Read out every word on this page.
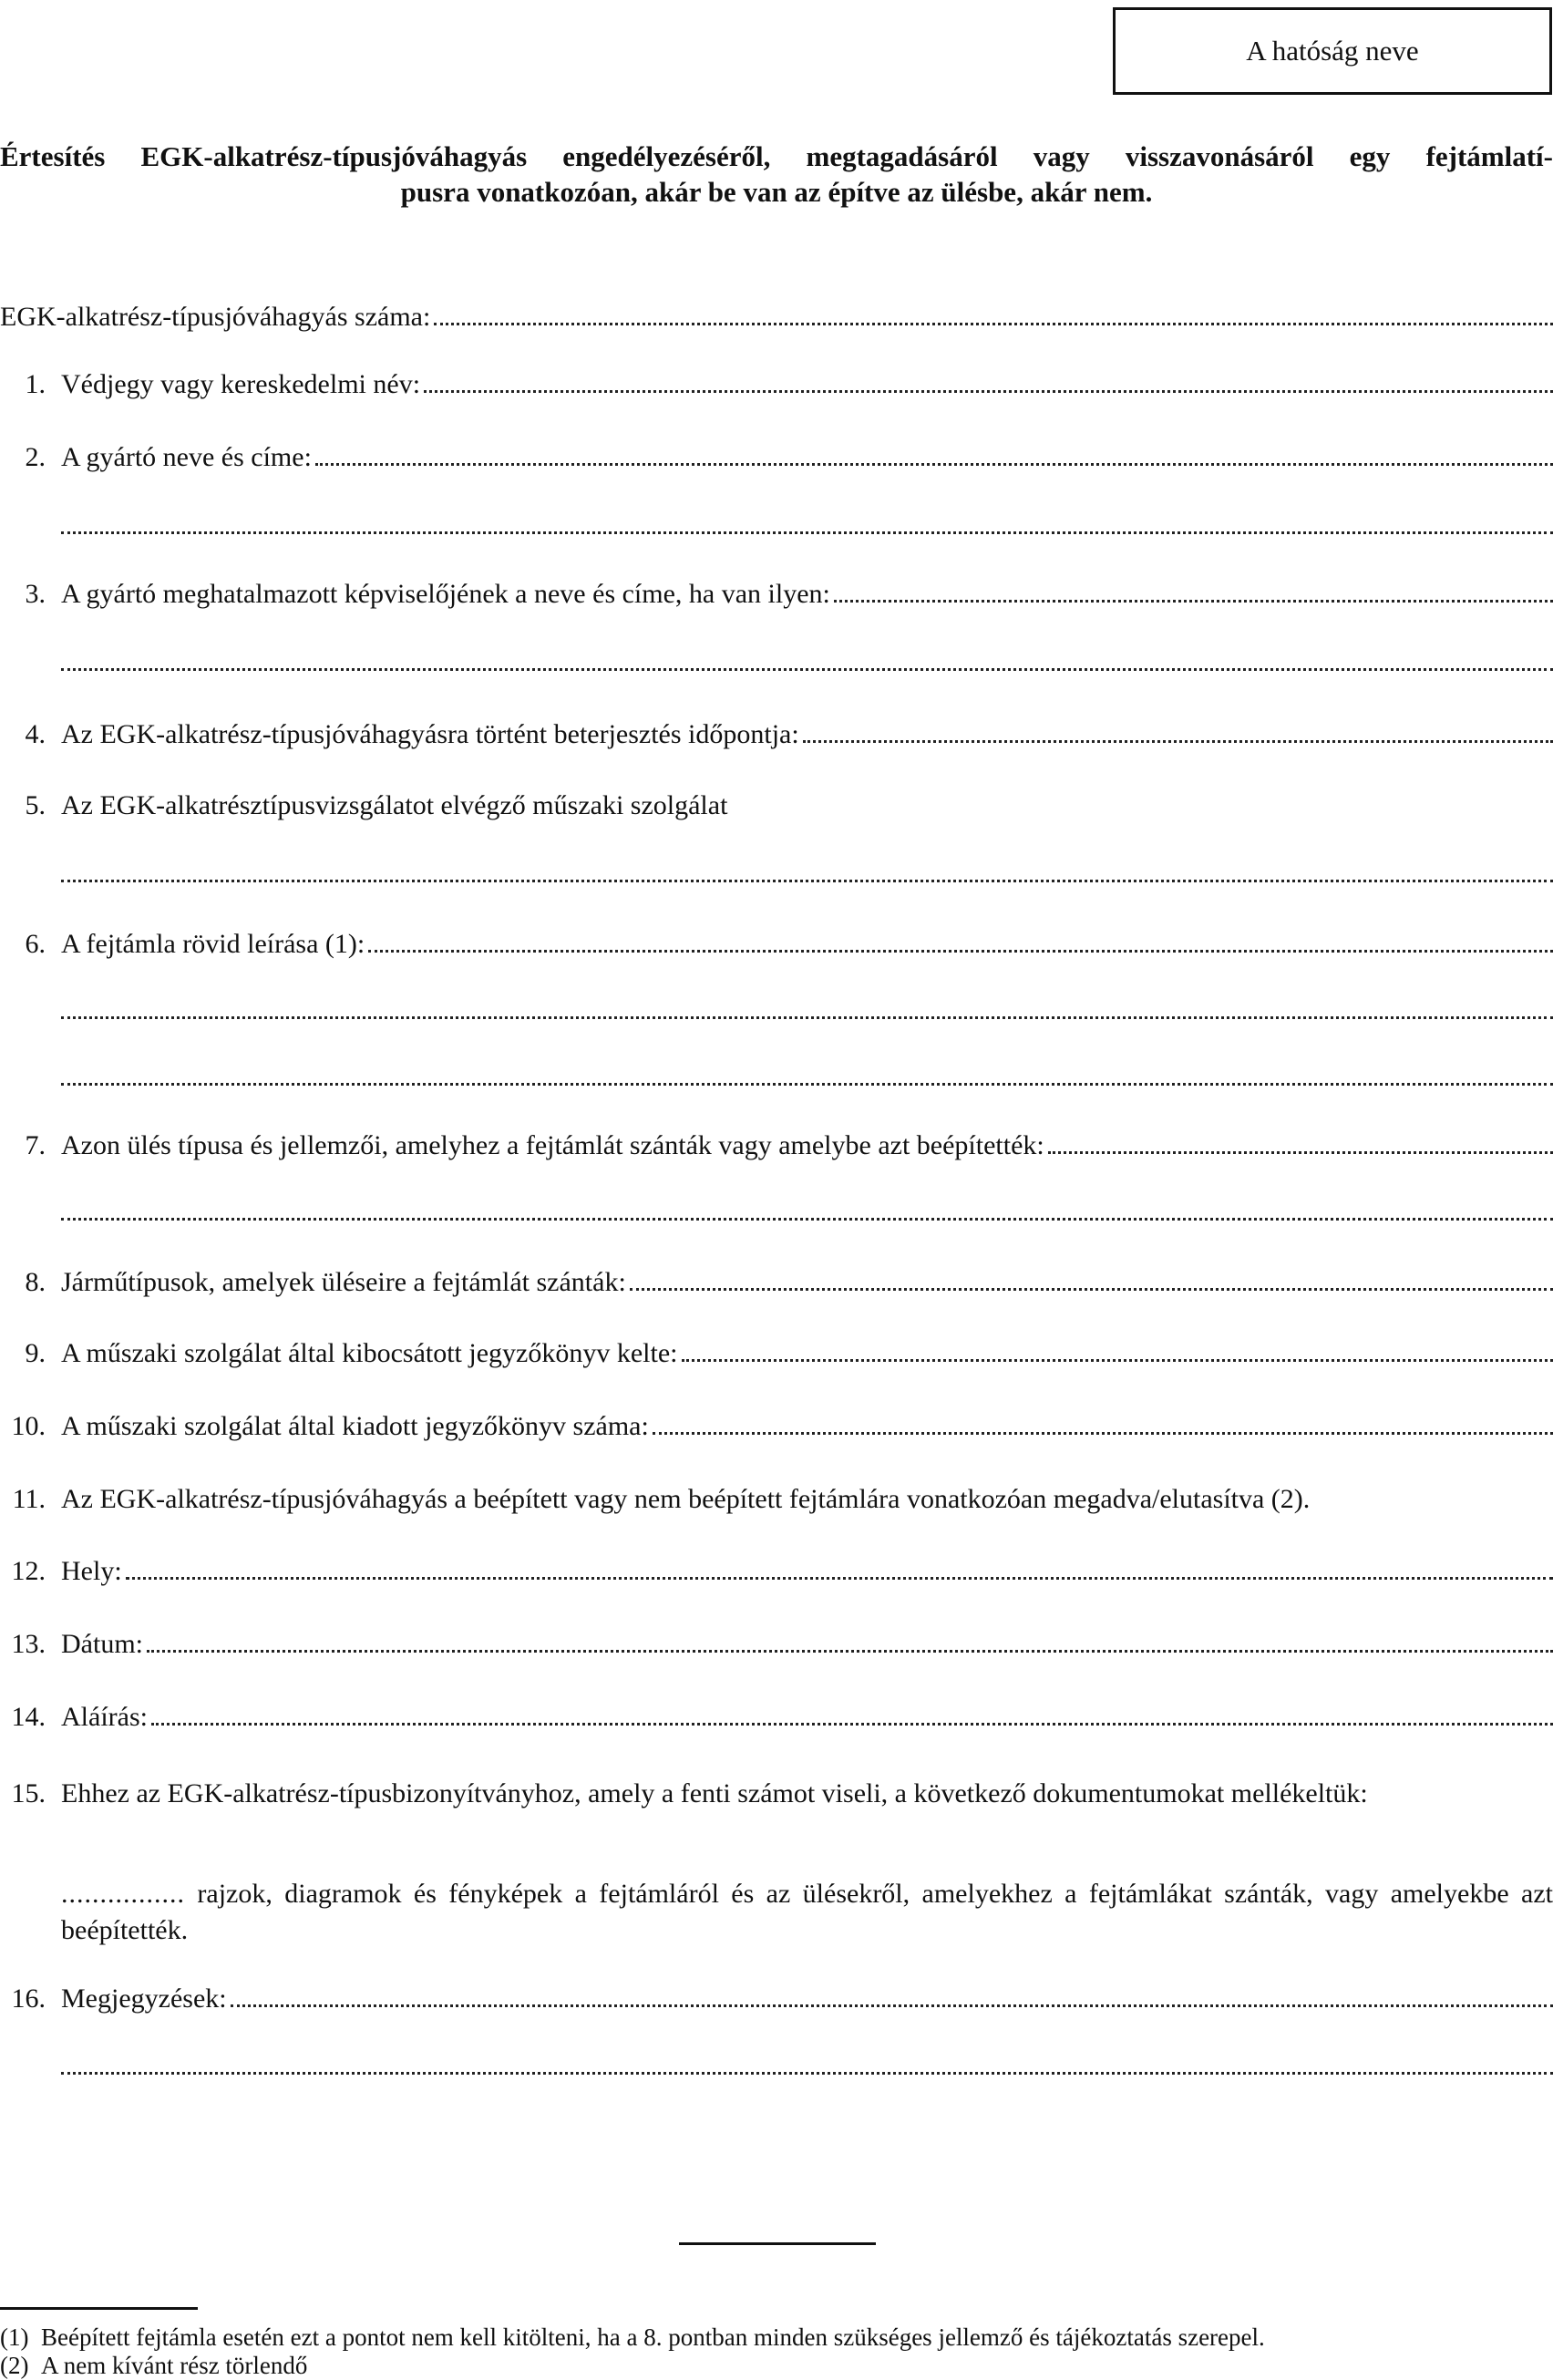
A hatóság neve
Értesítés EGK-alkatrész-típusjóváhagyás engedélyezéséről, megtagadásáról vagy visszavonásáról egy fejtámlatí-
pusra vonatkozóan, akár be van az építve az ülésbe, akár nem.
EGK-alkatrész-típusjóváhagyás száma:
1. Védjegy vagy kereskedelmi név:
2. A gyártó neve és címe:
3. A gyártó meghatalmazott képviselőjének a neve és címe, ha van ilyen:
4. Az EGK-alkatrész-típusjóváhagyásra történt beterjesztés időpontja:
5. Az EGK-alkatrésztípusvizsgálatot elvégző műszaki szolgálat
6. A fejtámla rövid leírása (1):
7. Azon ülés típusa és jellemzői, amelyhez a fejtámlát szánták vagy amelybe azt beépítették:
8. Járműtípusok, amelyek üléseire a fejtámlát szánták:
9. A műszaki szolgálat által kibocsátott jegyzőkönyv kelte:
10. A műszaki szolgálat által kiadott jegyzőkönyv száma:
11. Az EGK-alkatrész-típusjóváhagyás a beépített vagy nem beépített fejtámlára vonatkozóan megadva/elutasítva (2).
12. Hely:
13. Dátum:
14. Aláírás:
15. Ehhez az EGK-alkatrész-típusbizonyítványhoz, amely a fenti számot viseli, a következő dokumentumokat mellékeltük:
................ rajzok, diagramok és fényképek a fejtámláról és az ülésekről, amelyekhez a fejtámlákat szánták, vagy amelyekbe azt beépítették.
16. Megjegyzések:
(1) Beépített fejtámla esetén ezt a pontot nem kell kitölteni, ha a 8. pontban minden szükséges jellemző és tájékoztatás szerepel.
(2) A nem kívánt rész törlendő
